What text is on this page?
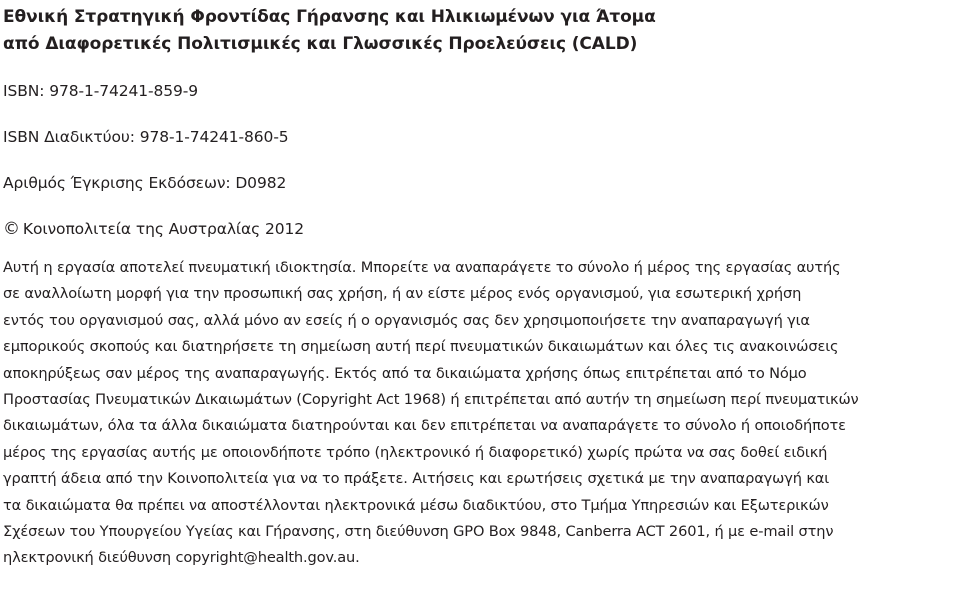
Εθνική Στρατηγική Φροντίδας Γήρανσης και Ηλικιωμένων για Άτομα
από Διαφορετικές Πολιτισμικές και Γλωσσικές Προελεύσεις (CALD)

ISBN: 978-1-74241-859-9

ISBN Διαδικτύου: 978-1-74241-860-5

Αριθμός Έγκρισης Εκδόσεων: D0982

© Κοινοπολιτεία της Αυστραλίας 2012

Αυτή η εργασία αποτελεί πνευματική ιδιοκτησία. Μπορείτε να αναπαράγετε το σύνολο ή μέρος της εργασίας αυτής
σε αναλλοίωτη μορφή για την προσωπική σας χρήση, ή αν είστε μέρος ενός οργανισμού, για εσωτερική χρήση
εντός του οργανισμού σας, αλλά μόνο αν εσείς ή ο οργανισμός σας δεν χρησιμοποιήσετε την αναπαραγωγή για
εμπορικούς σκοπούς και διατηρήσετε τη σημείωση αυτή περί πνευματικών δικαιωμάτων και όλες τις ανακοινώσεις
αποκηρύξεως σαν μέρος της αναπαραγωγής. Εκτός από τα δικαιώματα χρήσης όπως επιτρέπεται από το Νόμο
Προστασίας Πνευματικών Δικαιωμάτων (Copyright Act 1968) ή επιτρέπεται από αυτήν τη σημείωση περί πνευματικών
δικαιωμάτων, όλα τα άλλα δικαιώματα διατηρούνται και δεν επιτρέπεται να αναπαράγετε το σύνολο ή οποιοδήποτε
μέρος της εργασίας αυτής με οποιονδήποτε τρόπο (ηλεκτρονικό ή διαφορετικό) χωρίς πρώτα να σας δοθεί ειδική
γραπτή άδεια από την Κοινοπολιτεία για να το πράξετε. Αιτήσεις και ερωτήσεις σχετικά με την αναπαραγωγή και
τα δικαιώματα θα πρέπει να αποστέλλονται ηλεκτρονικά μέσω διαδικτύου, στο Τμήμα Υπηρεσιών και Εξωτερικών
Σχέσεων του Υπουργείου Υγείας και Γήρανσης, στη διεύθυνση GPO Box 9848, Canberra ACT 2601, ή με e-mail στην
ηλεκτρονική διεύθυνση copyright@health.gov.au.
